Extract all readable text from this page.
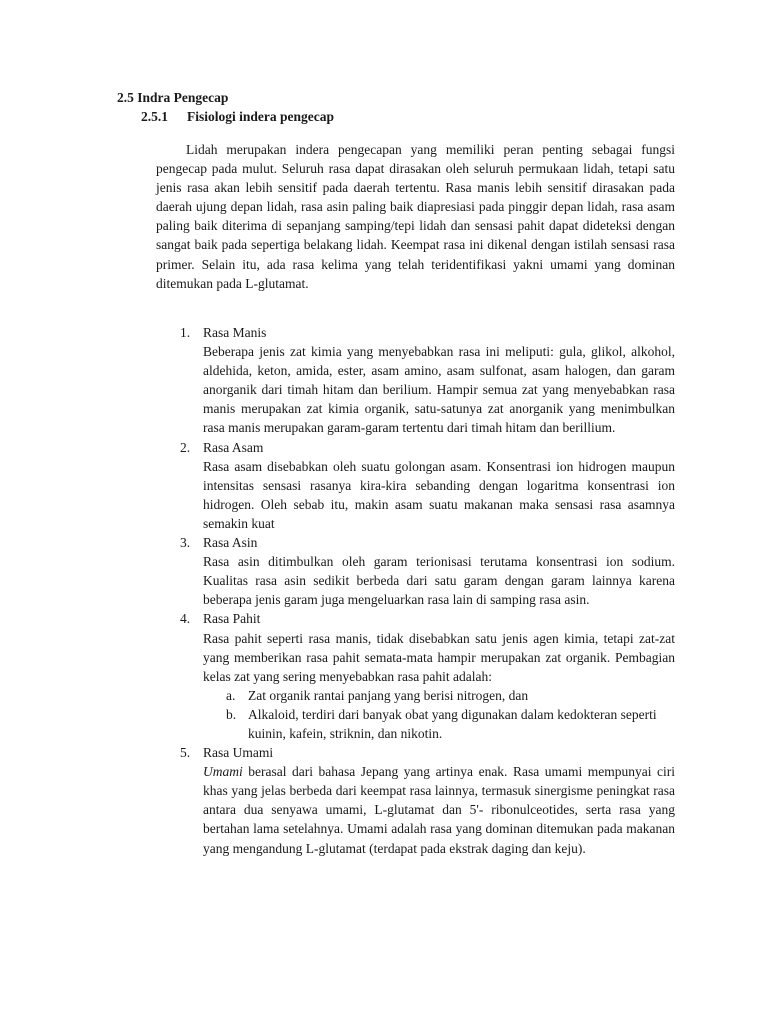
2.5 Indra Pengecap
2.5.1 Fisiologi indera pengecap

Lidah merupakan indera pengecapan yang memiliki peran penting sebagai fungsi pengecap pada mulut. Seluruh rasa dapat dirasakan oleh seluruh permukaan lidah, tetapi satu jenis rasa akan lebih sensitif pada daerah tertentu. Rasa manis lebih sensitif dirasakan pada daerah ujung depan lidah, rasa asin paling baik diapresiasi pada pinggir depan lidah, rasa asam paling baik diterima di sepanjang samping/tepi lidah dan sensasi pahit dapat dideteksi dengan sangat baik pada sepertiga belakang lidah. Keempat rasa ini dikenal dengan istilah sensasi rasa primer. Selain itu, ada rasa kelima yang telah teridentifikasi yakni umami yang dominan ditemukan pada L-glutamat.

1. Rasa Manis

Beberapa jenis zat kimia yang menyebabkan rasa ini meliputi: gula, glikol, alkohol, aldehida, keton, amida, ester, asam amino, asam sulfonat, asam halogen, dan garam anorganik dari timah hitam dan berilium. Hampir semua zat yang menyebabkan rasa manis merupakan zat kimia organik, satu-satunya zat anorganik yang menimbulkan rasa manis merupakan garam-garam tertentu dari timah hitam dan berillium.

2. Rasa Asam

Rasa asam disebabkan oleh suatu golongan asam. Konsentrasi ion hidrogen maupun intensitas sensasi rasanya kira-kira sebanding dengan logaritma konsentrasi ion hidrogen. Oleh sebab itu, makin asam suatu makanan maka sensasi rasa asamnya semakin kuat

3. Rasa Asin

Rasa asin ditimbulkan oleh garam terionisasi terutama konsentrasi ion sodium. Kualitas rasa asin sedikit berbeda dari satu garam dengan garam lainnya karena beberapa jenis garam juga mengeluarkan rasa lain di samping rasa asin.

4. Rasa Pahit

Rasa pahit seperti rasa manis, tidak disebabkan satu jenis agen kimia, tetapi zat-zat yang memberikan rasa pahit semata-mata hampir merupakan zat organik. Pembagian kelas zat yang sering menyebabkan rasa pahit adalah:

a. Zat organik rantai panjang yang berisi nitrogen, dan
b. Alkaloid, terdiri dari banyak obat yang digunakan dalam kedokteran seperti kuinin, kafein, striknin, dan nikotin.
5. Rasa Umami

Umami berasal dari bahasa Jepang yang artinya enak. Rasa umami mempunyai ciri khas yang jelas berbeda dari keempat rasa lainnya, termasuk sinergisme peningkat rasa antara dua senyawa umami, L-glutamat dan 5'- ribonulceotides, serta rasa yang bertahan lama setelahnya. Umami adalah rasa yang dominan ditemukan pada makanan yang mengandung L-glutamat (terdapat pada ekstrak daging dan keju).
